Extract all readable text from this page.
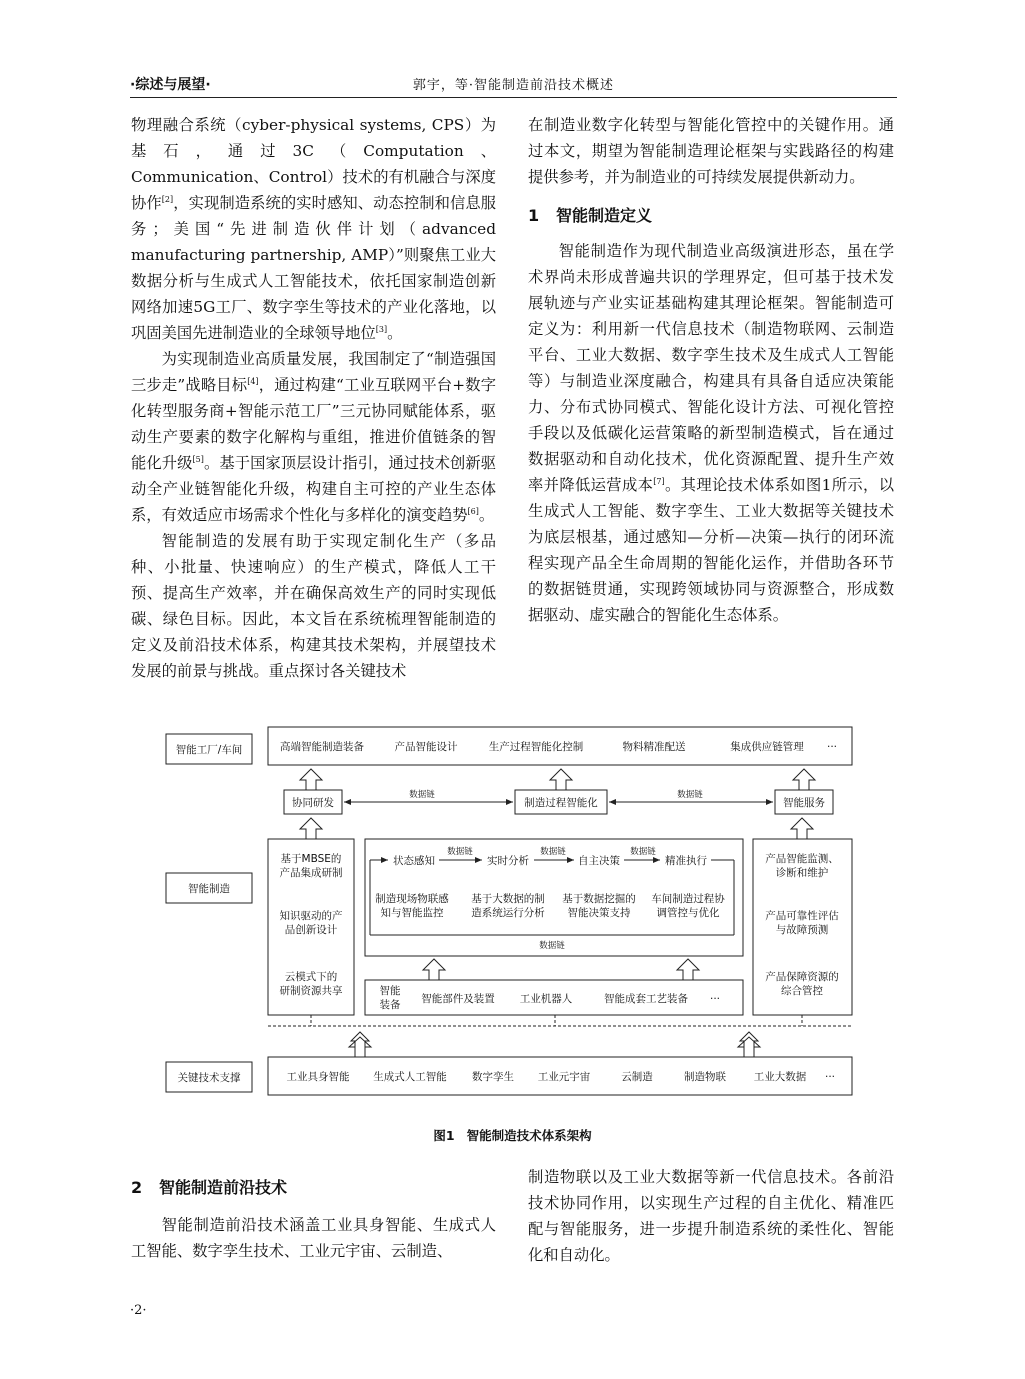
·综述与展望·	郭宇，等·智能制造前沿技术概述

物理融合系统（cyber-physical systems, CPS）为基石，通过3C（Computation、Communication、Control）技术的有机融合与深度协作[2]，实现制造系统的实时感知、动态控制和信息服务；美国“先进制造伙伴计划（advanced manufacturing partnership, AMP）”则聚焦工业大数据分析与生成式人工智能技术，依托国家制造创新网络加速5G工厂、数字孪生等技术的产业化落地，以巩固美国先进制造业的全球领导地位[3]。

为实现制造业高质量发展，我国制定了“制造强国三步走”战略目标[4]，通过构建“工业互联网平台+数字化转型服务商+智能示范工厂”三元协同赋能体系，驱动生产要素的数字化解构与重组，推进价值链条的智能化升级[5]。基于国家顶层设计指引，通过技术创新驱动全产业链智能化升级，构建自主可控的产业生态体系，有效适应市场需求个性化与多样化的演变趋势[6]。

智能制造的发展有助于实现定制化生产（多品种、小批量、快速响应）的生产模式，降低人工干预、提高生产效率，并在确保高效生产的同时实现低碳、绿色目标。因此，本文旨在系统梳理智能制造的定义及前沿技术体系，构建其技术架构，并展望技术发展的前景与挑战。重点探讨各关键技术

在制造业数字化转型与智能化管控中的关键作用。通过本文，期望为智能制造理论框架与实践路径的构建提供参考，并为制造业的可持续发展提供新动力。

1 智能制造定义

智能制造作为现代制造业高级演进形态，虽在学术界尚未形成普遍共识的学理界定，但可基于技术发展轨迹与产业实证基础构建其理论框架。智能制造可定义为：利用新一代信息技术（制造物联网、云制造平台、工业大数据、数字孪生技术及生成式人工智能等）与制造业深度融合，构建具有具备自适应决策能力、分布式协同模式、智能化设计方法、可视化管控手段以及低碳化运营策略的新型制造模式，旨在通过数据驱动和自动化技术，优化资源配置、提升生产效率并降低运营成本[7]。其理论技术体系如图1所示，以生成式人工智能、数字孪生、工业大数据等关键技术为底层根基，通过感知—分析—决策—执行的闭环流程实现产品全生命周期的智能化运作，并借助各环节的数据链贯通，实现跨领域协同与资源整合，形成数据驱动、虚实融合的智能化生态体系。

智能工厂/车间
智能制造
关键技术支撑
高端智能制造装备	产品智能设计	生产过程智能化控制	物料精准配送	集成供应链管理 ···
协同研发	制造过程智能化	智能服务
数据链	数据链
基于MBSE的
产品集成研制
知识驱动的产
品创新设计
云模式下的
研制资源共享
状态感知	实时分析	自主决策	精准执行
数据链	数据链	数据链
数据链
制造现场物联感
知与智能监控
基于大数据的制
造系统运行分析
基于数据挖掘的
智能决策支持
车间制造过程协
调管控与优化
智能
装备 智能部件及装置 工业机器人	智能成套工艺装备 ···
产品智能监测、
诊断和维护
产品可靠性评估
与故障预测
产品保障资源的
综合管控
工业具身智能 生成式人工智能 数字孪生 工业元宇宙	云制造	制造物联	工业大数据 ···
图1 智能制造技术体系架构
2 智能制造前沿技术

智能制造前沿技术涵盖工业具身智能、生成式人工智能、数字孪生技术、工业元宇宙、云制造、

制造物联以及工业大数据等新一代信息技术。各前沿技术协同作用，以实现生产过程的自主优化、精准匹配与智能服务，进一步提升制造系统的柔性化、智能化和自动化。

·2·
